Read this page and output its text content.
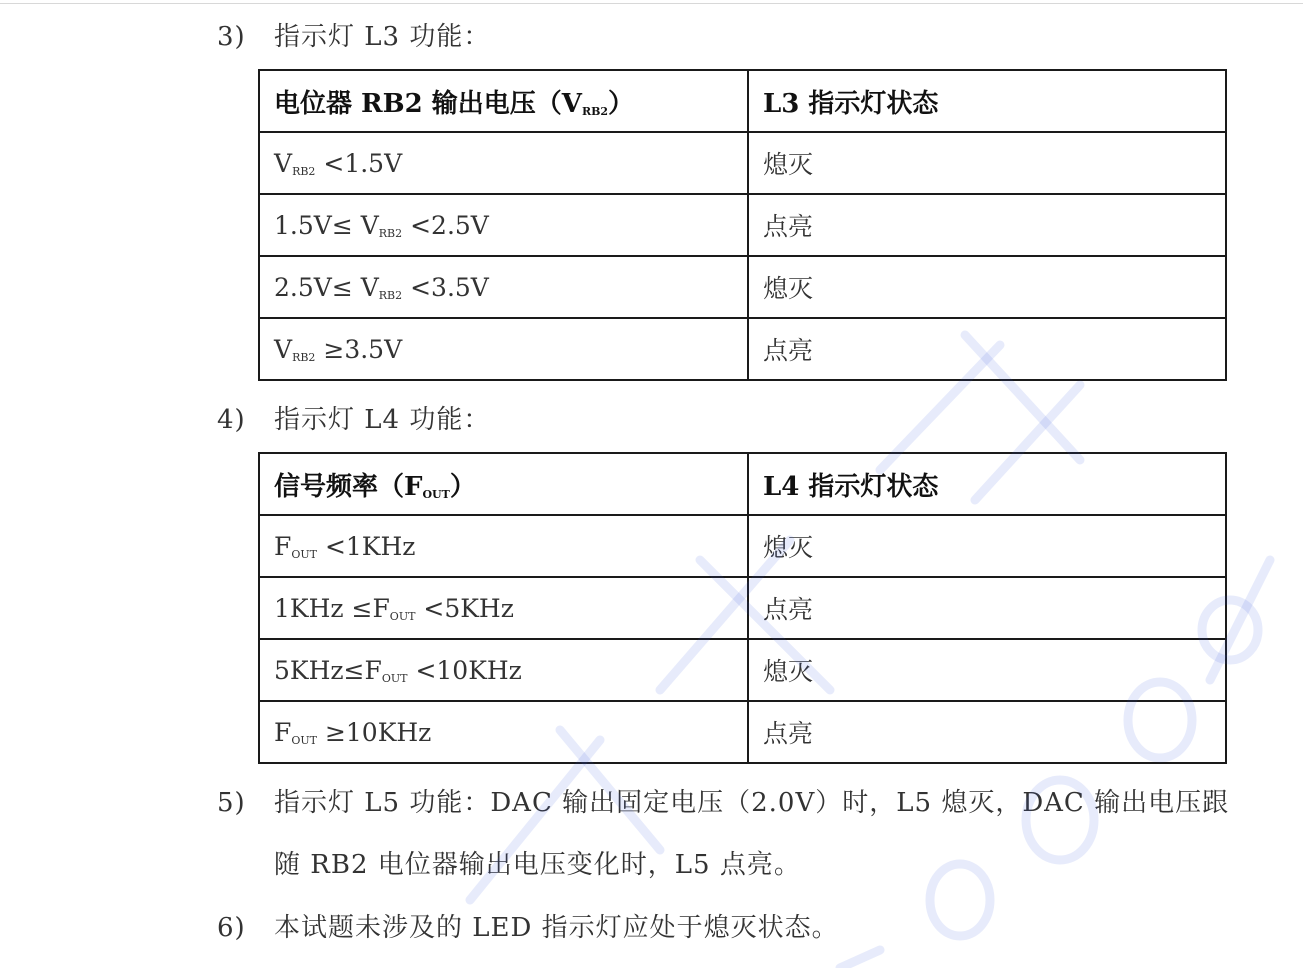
3) 指示灯 L3 功能：
电位器 RB2 输出电压$(V_{RB2})$	L3 指示灯状态
$V_{RB2} <1.5V$	熄灭
$1.5V\le V_{RB2} <2.5V$	点亮
$2.5V\le V_{RB2} <3.5V$	熄灭
$V_{RB2} \ge 3.5V$	点亮
4) 指示灯 L4 功能：
信号频率$(F_{OUT})$	L4 指示灯状态
$F_{OUT} <1KHz$	熄灭
$1KHz \le F_{OUT} <5KHz$	点亮
$5KHz\le F_{OUT} <10KHz$	熄灭
$F_{OUT} \ge 10KHz$	点亮
5) 指示灯 L5 功能：DAC 输出固定电压（2.0V）时，L5 熄灭，DAC 输出电压跟
随 RB2 电位器输出电压变化时，L5 点亮。
6) 本试题未涉及的 LED 指示灯应处于熄灭状态。
